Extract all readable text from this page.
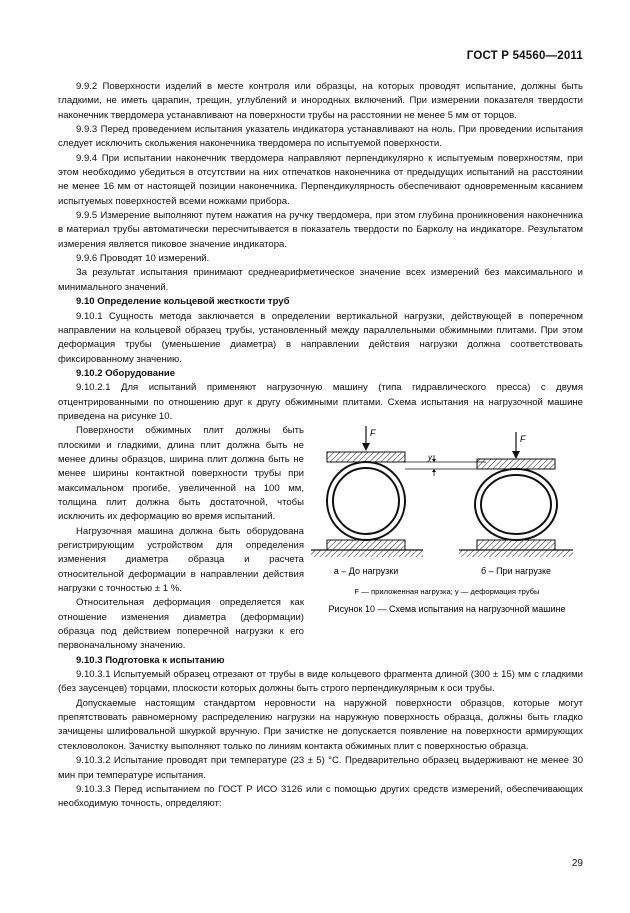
ГОСТ Р 54560—2011

9.9.2 Поверхности изделий в месте контроля или образцы, на которых проводят испытание, должны быть гладкими, не иметь царапин, трещин, углублений и инородных включений. При измерении показателя твердости наконечник твердомера устанавливают на поверхности трубы на расстоянии не менее 5 мм от торцов.

9.9.3 Перед проведением испытания указатель индикатора устанавливают на ноль. При проведении испытания следует исключить скольжения наконечника твердомера по испытуемой поверхности.

9.9.4 При испытании наконечник твердомера направляют перпендикулярно к испытуемым поверхностям, при этом необходимо убедиться в отсутствии на них отпечатков наконечника от предыдущих испытаний на расстоянии не менее 16 мм от настоящей позиции наконечника. Перпендикулярность обеспечивают одновременным касанием испытуемых поверхностей всеми ножками прибора.

9.9.5 Измерение выполняют путем нажатия на ручку твердомера, при этом глубина проникновения наконечника в материал трубы автоматически пересчитывается в показатель твердости по Барколу на индикаторе. Результатом измерения является пиковое значение индикатора.

9.9.6 Проводят 10 измерений.

За результат испытания принимают среднеарифметическое значение всех измерений без максимального и минимального значений.

9.10 Определение кольцевой жесткости труб

9.10.1 Сущность метода заключается в определении вертикальной нагрузки, действующей в поперечном направлении на кольцевой образец трубы, установленный между параллельными обжимными плитами. При этом деформация трубы (уменьшение диаметра) в направлении действия нагрузки должна соответствовать фиксированному значению.

9.10.2 Оборудование

9.10.2.1 Для испытаний применяют нагрузочную машину (типа гидравлического пресса) с двумя отцентрированными по отношению друг к другу обжимными плитами. Схема испытания на нагрузочной машине приведена на рисунке 10.

Поверхности обжимных плит должны быть плоскими и гладкими, длина плит должна быть не менее длины образцов, ширина плит должна быть не менее ширины контактной поверхности трубы при максимальном прогибе, увеличенной на 100 мм, толщина плит должна быть достаточной, чтобы исключить их деформацию во время испытаний.

Нагрузочная машина должна быть оборудована регистрирующим устройством для определения изменения диаметра образца и расчета относительной деформации в направлении действия нагрузки с точностью ± 1 %.

Относительная деформация определяется как отношение изменения диаметра (деформации) образца под действием поперечной нагрузки к его первоначальному значению.

F
y
F
а – До нагрузки	б – При нагрузке
F — приложенная нагрузка; y — деформация трубы
Рисунок 10 — Схема испытания на нагрузочной машине

9.10.3 Подготовка к испытанию

9.10.3.1 Испытуемый образец отрезают от трубы в виде кольцевого фрагмента длиной (300 ± 15) мм с гладкими (без заусенцев) торцами, плоскости которых должны быть строго перпендикулярным к оси трубы.

Допускаемые настоящим стандартом неровности на наружной поверхности образцов, которые могут препятствовать равномерному распределению нагрузки на наружную поверхность образца, должны быть гладко зачищены шлифовальной шкуркой вручную. При зачистке не допускается появление на поверхности армирующих стекловолокон. Зачистку выполняют только по линиям контакта обжимных плит с поверхностью образца.

9.10.3.2 Испытание проводят при температуре (23 ± 5) °С. Предварительно образец выдерживают не менее 30 мин при температуре испытания.

9.10.3.3 Перед испытанием по ГОСТ Р ИСО 3126 или с помощью других средств измерений, обеспечивающих необходимую точность, определяют:

29
